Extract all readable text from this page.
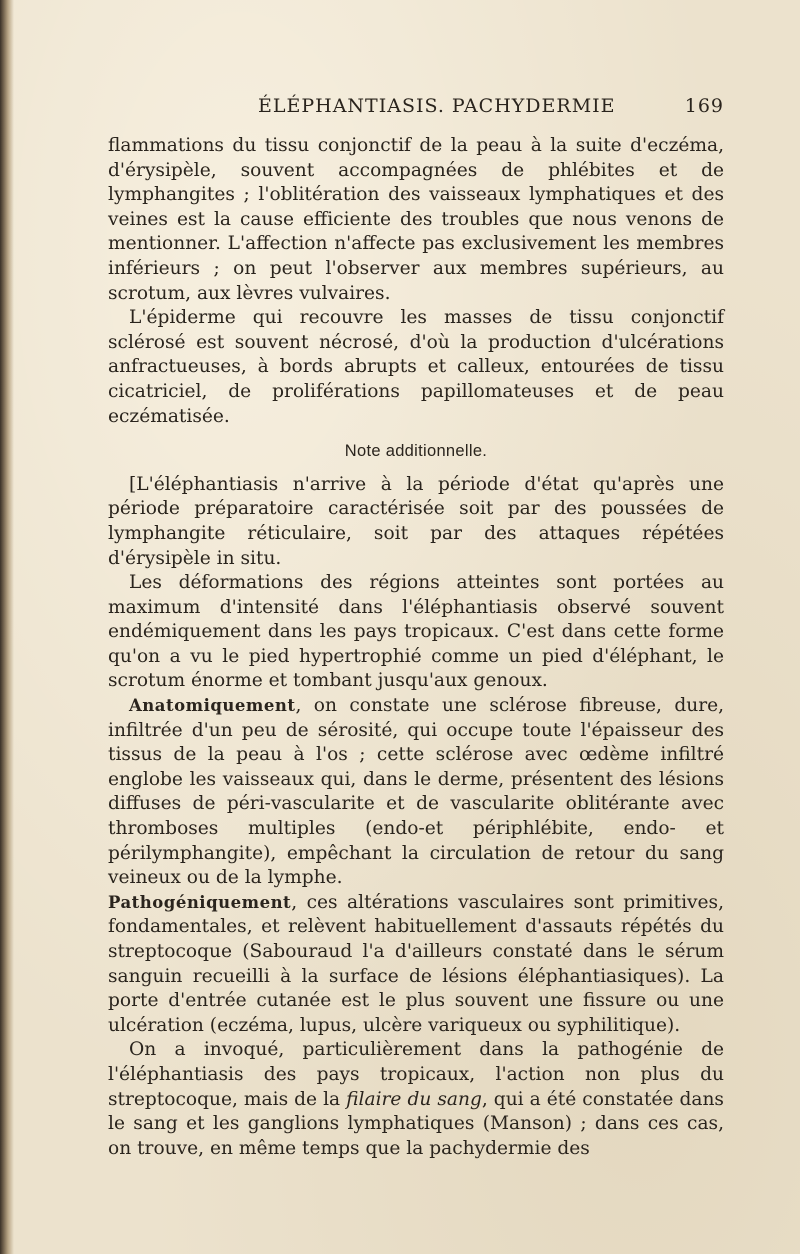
ÉLÉPHANTIASIS. PACHYDERMIE	169

flammations du tissu conjonctif de la peau à la suite d'eczéma, d'érysipèle, souvent accompagnées de phlébites et de lymphangites ; l'oblitération des vaisseaux lymphatiques et des veines est la cause efficiente des troubles que nous venons de mentionner. L'affection n'affecte pas exclusivement les membres inférieurs ; on peut l'observer aux membres supérieurs, au scrotum, aux lèvres vulvaires.

L'épiderme qui recouvre les masses de tissu conjonctif sclérosé est souvent nécrosé, d'où la production d'ulcérations anfractueuses, à bords abrupts et calleux, entourées de tissu cicatriciel, de proliférations papillomateuses et de peau eczématisée.

Note additionnelle.

[L'éléphantiasis n'arrive à la période d'état qu'après une période préparatoire caractérisée soit par des poussées de lymphangite réticulaire, soit par des attaques répétées d'érysipèle in situ.

Les déformations des régions atteintes sont portées au maximum d'intensité dans l'éléphantiasis observé souvent endémiquement dans les pays tropicaux. C'est dans cette forme qu'on a vu le pied hypertrophié comme un pied d'éléphant, le scrotum énorme et tombant jusqu'aux genoux.

Anatomiquement, on constate une sclérose fibreuse, dure, infiltrée d'un peu de sérosité, qui occupe toute l'épaisseur des tissus de la peau à l'os ; cette sclérose avec œdème infiltré englobe les vaisseaux qui, dans le derme, présentent des lésions diffuses de péri-vascularite et de vascularite oblitérante avec thromboses multiples (endo-et périphlébite, endo- et périlymphangite), empêchant la circulation de retour du sang veineux ou de la lymphe.

Pathogéniquement, ces altérations vasculaires sont primitives, fondamentales, et relèvent habituellement d'assauts répétés du streptocoque (Sabouraud l'a d'ailleurs constaté dans le sérum sanguin recueilli à la surface de lésions éléphantiasiques). La porte d'entrée cutanée est le plus souvent une fissure ou une ulcération (eczéma, lupus, ulcère variqueux ou syphilitique).

On a invoqué, particulièrement dans la pathogénie de l'éléphantiasis des pays tropicaux, l'action non plus du streptocoque, mais de la filaire du sang, qui a été constatée dans le sang et les ganglions lymphatiques (Manson) ; dans ces cas, on trouve, en même temps que la pachydermie des
